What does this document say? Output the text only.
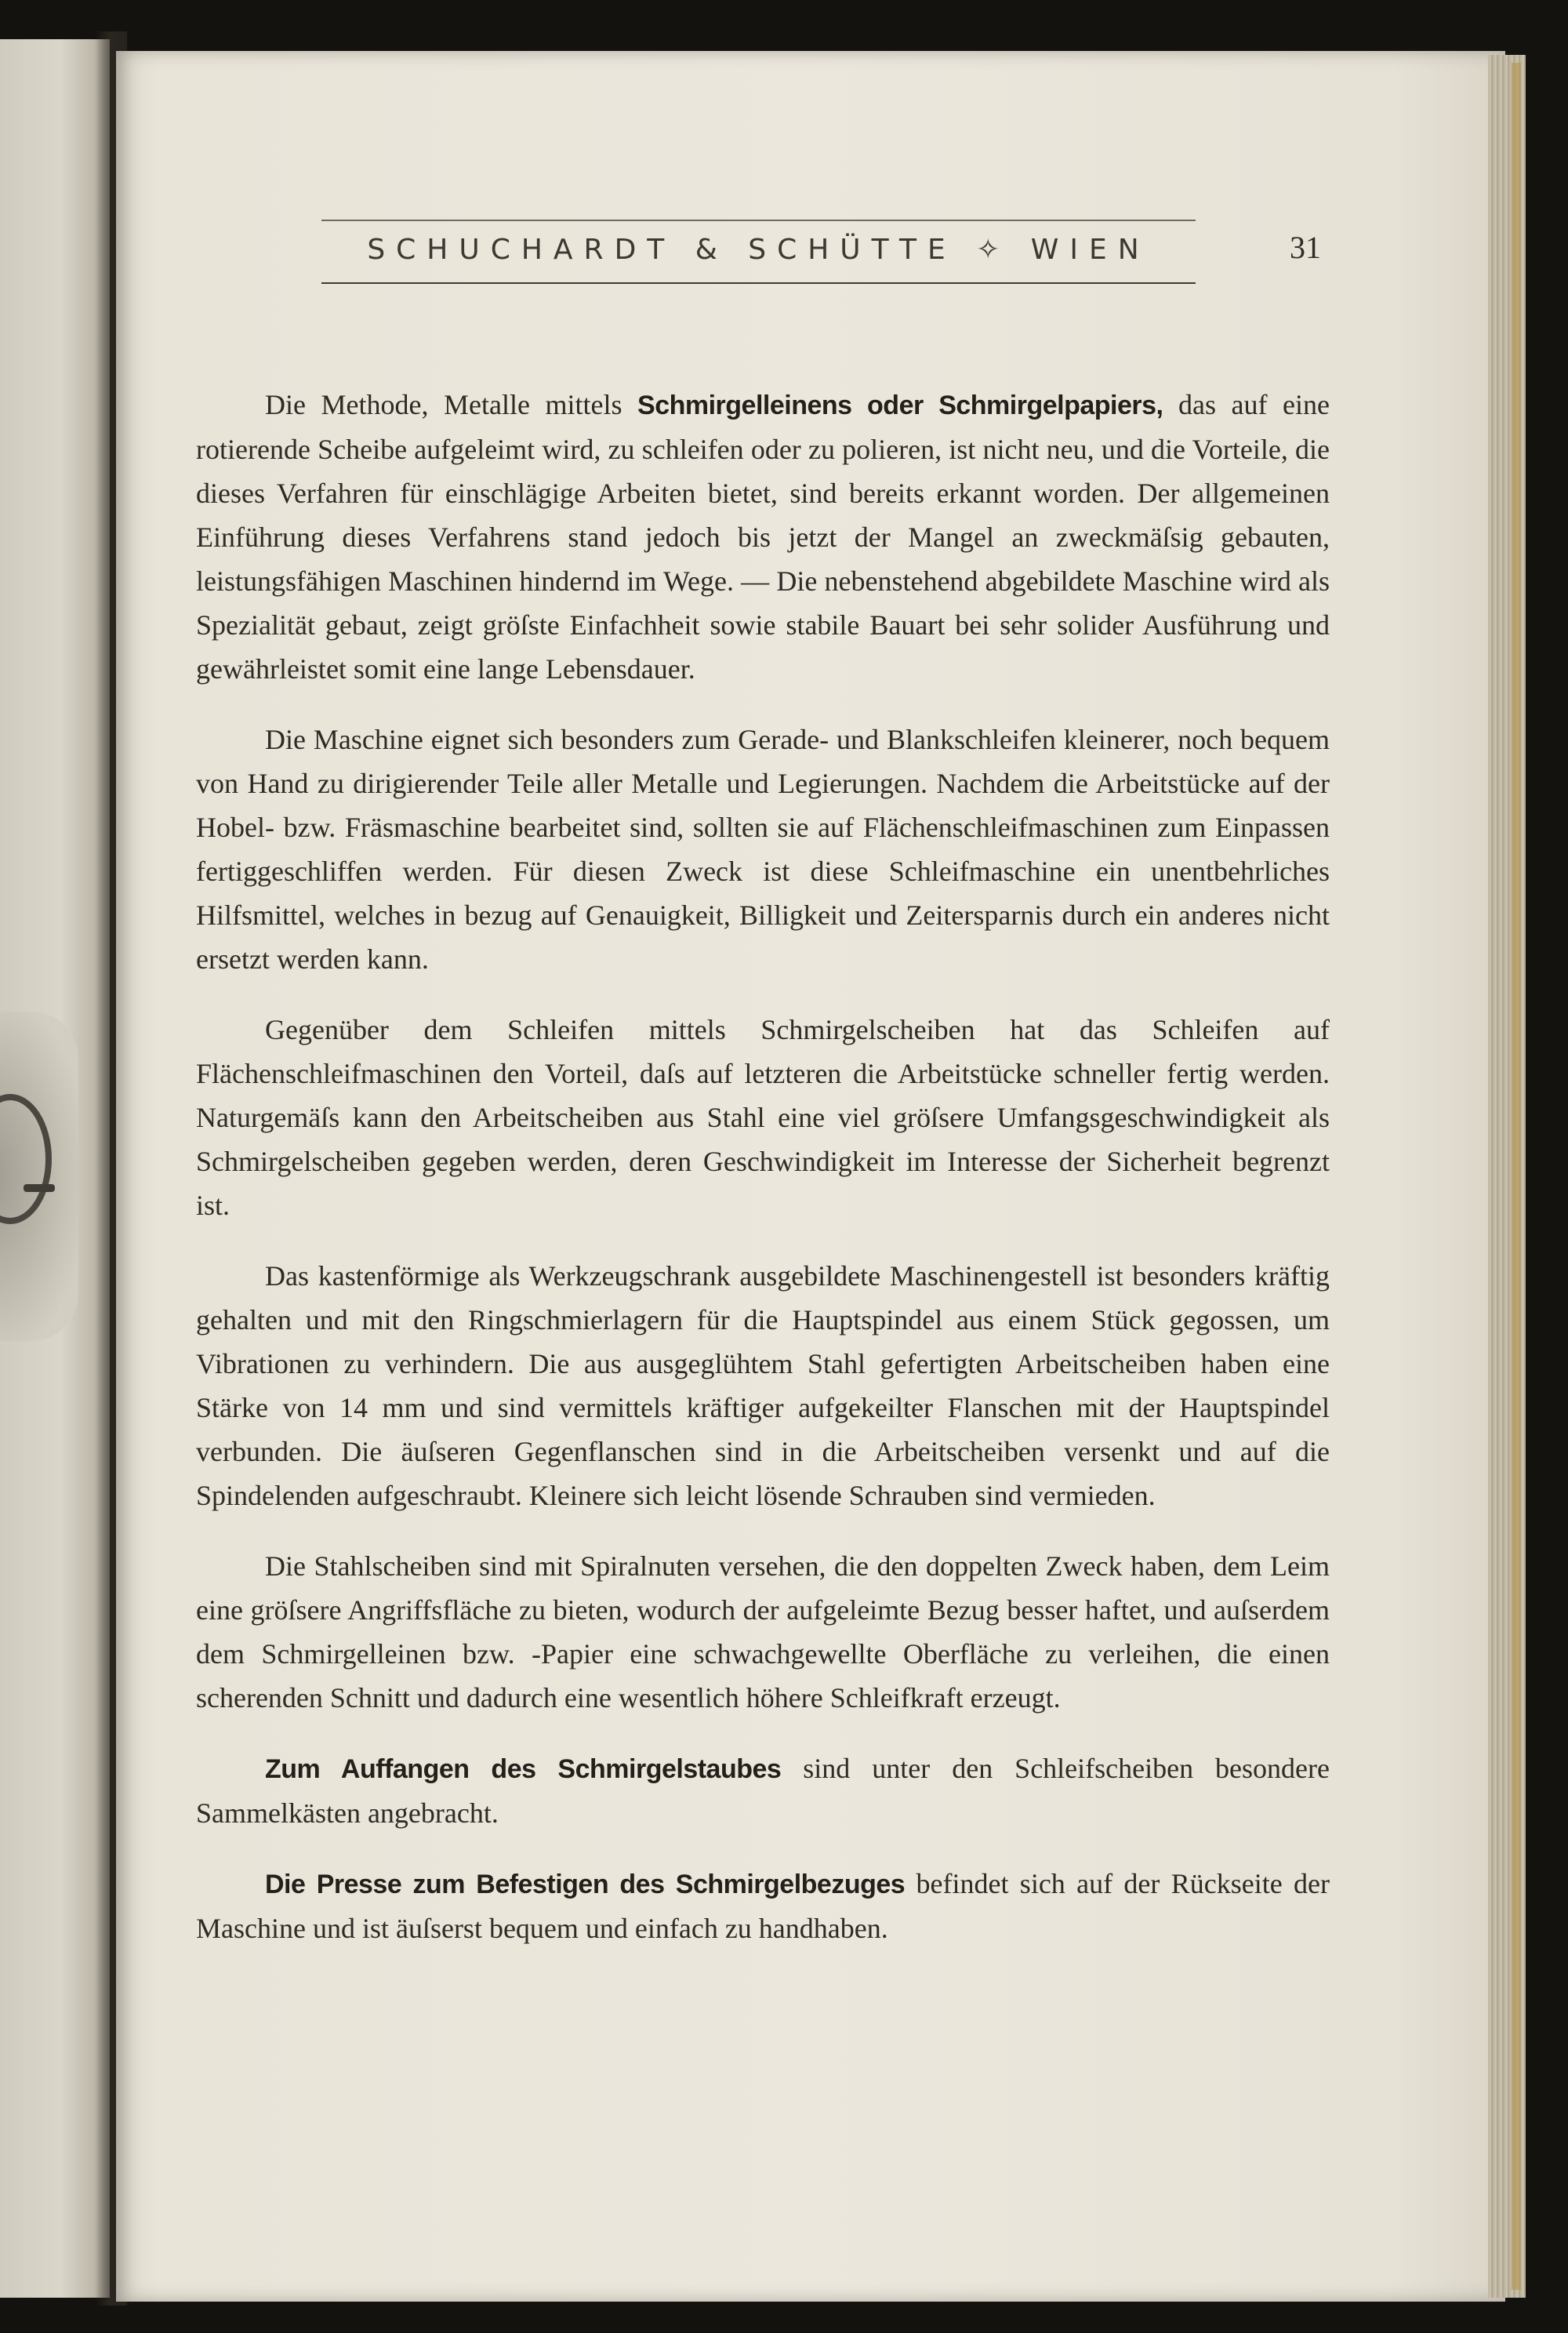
SCHUCHARDT & SCHÜTTE ✧ WIEN	31

Die Methode, Metalle mittels Schmirgelleinens oder Schmirgelpapiers, das auf eine rotierende Scheibe aufgeleimt wird, zu schleifen oder zu polieren, ist nicht neu, und die Vorteile, die dieses Verfahren für einschlägige Arbeiten bietet, sind bereits erkannt worden. Der allgemeinen Einführung dieses Verfahrens stand jedoch bis jetzt der Mangel an zweckmäſsig gebauten, leistungsfähigen Maschinen hindernd im Wege. — Die nebenstehend abgebildete Maschine wird als Spezialität gebaut, zeigt gröſste Einfachheit sowie stabile Bauart bei sehr solider Ausführung und gewährleistet somit eine lange Lebensdauer.

Die Maschine eignet sich besonders zum Gerade- und Blankschleifen kleinerer, noch bequem von Hand zu dirigierender Teile aller Metalle und Legierungen. Nachdem die Arbeitstücke auf der Hobel- bzw. Fräsmaschine bearbeitet sind, sollten sie auf Flächenschleifmaschinen zum Einpassen fertiggeschliffen werden. Für diesen Zweck ist diese Schleifmaschine ein unentbehrliches Hilfsmittel, welches in bezug auf Genauigkeit, Billigkeit und Zeitersparnis durch ein anderes nicht ersetzt werden kann.

Gegenüber dem Schleifen mittels Schmirgelscheiben hat das Schleifen auf Flächenschleifmaschinen den Vorteil, daſs auf letzteren die Arbeitstücke schneller fertig werden. Naturgemäſs kann den Arbeitscheiben aus Stahl eine viel gröſsere Umfangsgeschwindigkeit als Schmirgelscheiben gegeben werden, deren Geschwindigkeit im Interesse der Sicherheit begrenzt ist.

Das kastenförmige als Werkzeugschrank ausgebildete Maschinengestell ist besonders kräftig gehalten und mit den Ringschmierlagern für die Hauptspindel aus einem Stück gegossen, um Vibrationen zu verhindern. Die aus ausgeglühtem Stahl gefertigten Arbeitscheiben haben eine Stärke von 14 mm und sind vermittels kräftiger aufgekeilter Flanschen mit der Hauptspindel verbunden. Die äuſseren Gegenflanschen sind in die Arbeitscheiben versenkt und auf die Spindelenden aufgeschraubt. Kleinere sich leicht lösende Schrauben sind vermieden.

Die Stahlscheiben sind mit Spiralnuten versehen, die den doppelten Zweck haben, dem Leim eine gröſsere Angriffsfläche zu bieten, wodurch der aufgeleimte Bezug besser haftet, und auſserdem dem Schmirgelleinen bzw. -Papier eine schwachgewellte Oberfläche zu verleihen, die einen scherenden Schnitt und dadurch eine wesentlich höhere Schleifkraft erzeugt.

Zum Auffangen des Schmirgelstaubes sind unter den Schleifscheiben besondere Sammelkästen angebracht.

Die Presse zum Befestigen des Schmirgelbezuges befindet sich auf der Rückseite der Maschine und ist äuſserst bequem und einfach zu handhaben.
